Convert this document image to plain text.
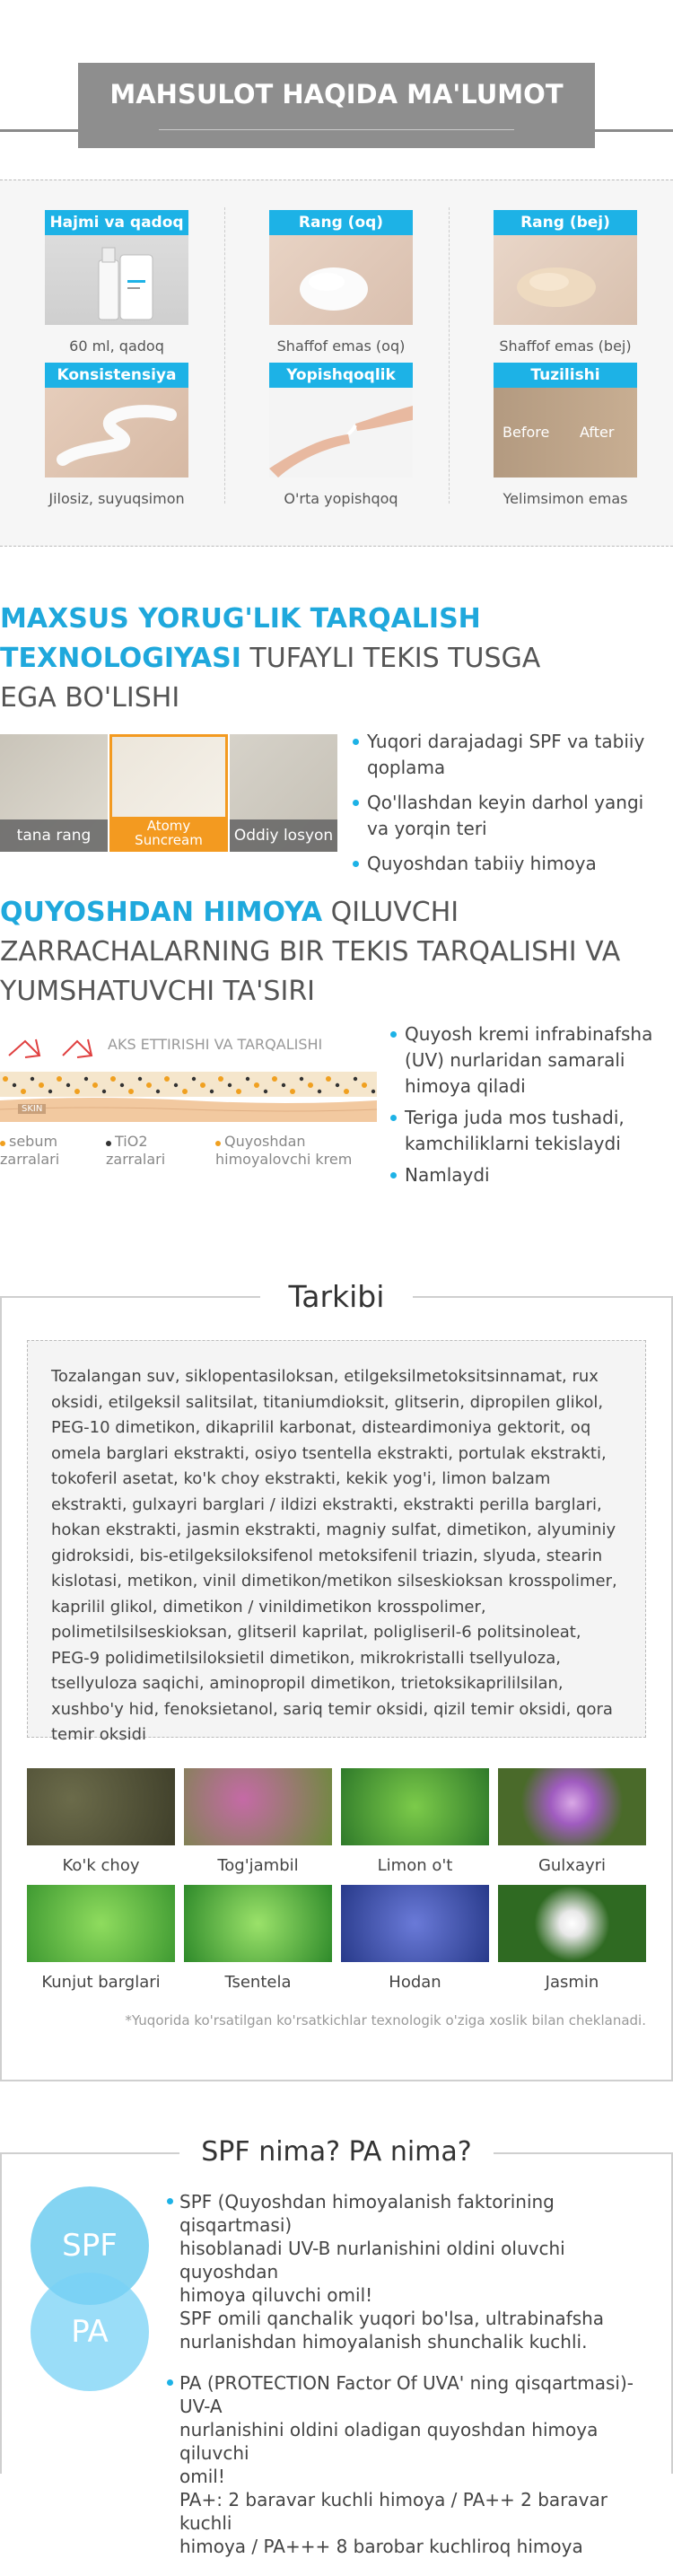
MAHSULOT HAQIDA MA'LUMOT
Hajmi va qadoq
60 ml, qadoq
Rang (oq)
Shaffof emas (oq)
Rang (bej)
Shaffof emas (bej)
Konsistensiya
Jilosiz, suyuqsimon
Yopishqoqlik
O'rta yopishqoq
Tuzilishi
Before After
Yelimsimon emas
MAXSUS YORUG'LIK TARQALISH
TEXNOLOGIYASI TUFAYLI TEKIS TUSGA
EGA BO'LISHI
tana rang
Atomy Suncream	Oddiy losyon
Yuqori darajadagi SPF va tabiiy qoplama
Qo'llashdan keyin darhol yangi va yorqin teri
Quyoshdan tabiiy himoya
QUYOSHDAN HIMOYA QILUVCHI
ZARRACHALARNING BIR TEKIS TARQALISHI VA
YUMSHATUVCHI TA'SIRI
AKS ETTIRISHI VA TARQALISHI
SKIN
sebum zarralari
TiO2 zarralari
Quyoshdan himoyalovchi krem
Quyosh kremi infrabinafsha (UV) nurlaridan samarali himoya qiladi
Teriga juda mos tushadi, kamchiliklarni tekislaydi
Namlaydi
Tarkibi
Tozalangan suv, siklopentasiloksan, etilgeksilmetoksitsinnamat, rux oksidi, etilgeksil salitsilat, titaniumdioksit, glitserin, dipropilen glikol, PEG-10 dimetikon, dikaprilil karbonat, disteardimoniya gektorit, oq omela barglari ekstrakti, osiyo tsentella ekstrakti, portulak ekstrakti, tokoferil asetat, ko'k choy ekstrakti, kekik yog'i, limon balzam ekstrakti, gulxayri barglari / ildizi ekstrakti, ekstrakti perilla barglari, hokan ekstrakti, jasmin ekstrakti, magniy sulfat, dimetikon, alyuminiy gidroksidi, bis-etilgeksiloksifenol metoksifenil triazin, slyuda, stearin kislotasi, metikon, vinil dimetikon/metikon silseskioksan krosspolimer, kaprilil glikol, dimetikon / vinildimetikon krosspolimer, polimetilsilseskioksan, glitseril kaprilat, poligliseril-6 politsinoleat, PEG-9 polidimetilsiloksietil dimetikon, mikrokristalli tsellyuloza, tsellyuloza saqichi, aminopropil dimetikon, trietoksikaprililsilan, xushbo'y hid, fenoksietanol, sariq temir oksidi, qizil temir oksidi, qora temir oksidi
Ko'k choy	Tog'jambil	Limon o't	Gulxayri
Kunjut barglari	Tsentela	Hodan	Jasmin
*Yuqorida ko'rsatilgan ko'rsatkichlar texnologik o'ziga xoslik bilan cheklanadi.
SPF nima? PA nima?
SPF
PA
SPF (Quyoshdan himoyalanish faktorining qisqartmasi)
hisoblanadi UV-B nurlanishini oldini oluvchi quyoshdan
himoya qiluvchi omil!
SPF omili qanchalik yuqori bo'lsa, ultrabinafsha
nurlanishdan himoyalanish shunchalik kuchli.
PA (PROTECTION Factor Of UVA' ning qisqartmasi)-UV-A
nurlanishini oldini oladigan quyoshdan himoya qiluvchi
omil!
PA+: 2 baravar kuchli himoya / PA++ 2 baravar kuchli
himoya / PA+++ 8 barobar kuchliroq himoya
